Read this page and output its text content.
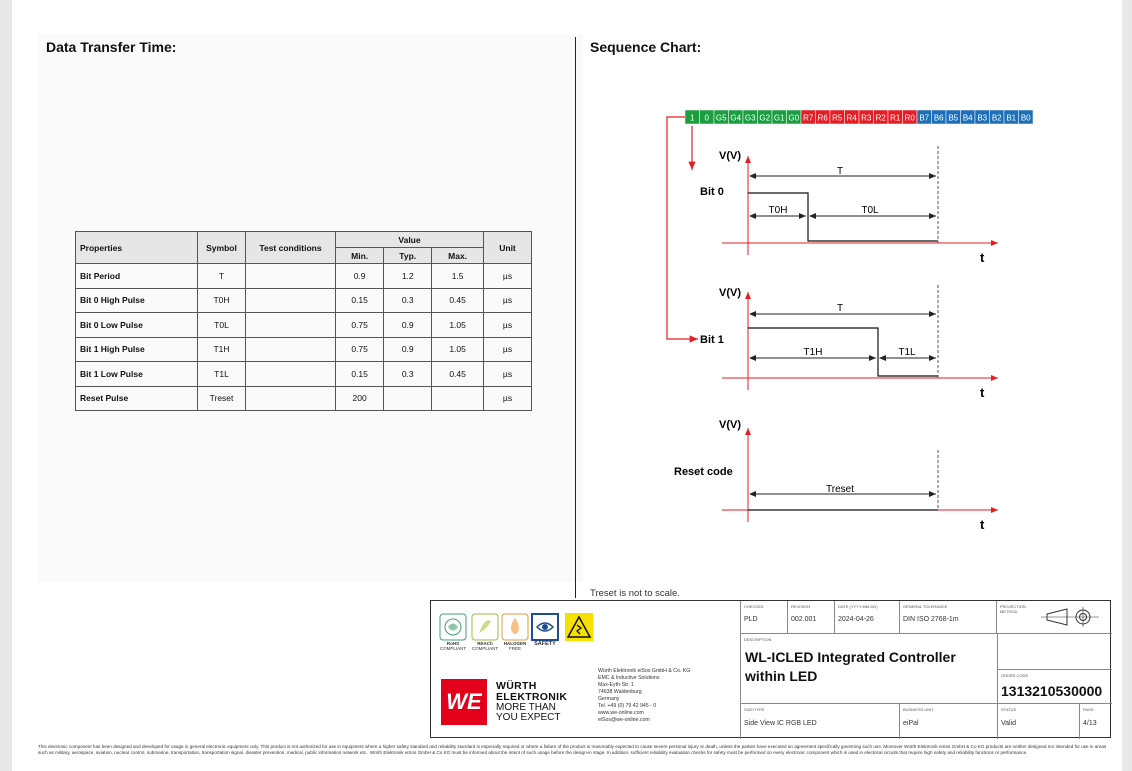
Data Transfer Time:	Sequence Chart:
Properties	Symbol	Test conditions	Value			Unit
			Min.	Typ.	Max.	
Bit Period	T		0.9	1.2	1.5	µs
Bit 0 High Pulse	T0H		0.15	0.3	0.45	µs
Bit 0 Low Pulse	T0L		0.75	0.9	1.05	µs
Bit 1 High Pulse	T1H		0.75	0.9	1.05	µs
Bit 1 Low Pulse	T1L		0.15	0.3	0.45	µs
Reset Pulse	Treset		200			µs
1 0 G5 G4 G3 G2 G1 G0 R7 R6 R5 R4 R3 R2 R1 R0 B7 B6 B5 B4 B3 B2 B1 B0
V(V)
t
Bit 0
T
T0H	T0L
V(V)
t
Bit 1
T
T1H	T1L
V(V)
t
Reset code
Treset
Treset is not to scale.
RoHS
COMPLIANT
REACh
COMPLIANT
HALOGEN
FREE
SAFETY
WE
WÜRTH
ELEKTRONIK
MORE THAN
YOU EXPECT
Würth Elektronik eiSos GmbH & Co. KG
EMC & Inductive Solutions
Max-Eyth-Str. 1
74638 Waldenburg
Germany
Tel. +49 (0) 79 42 945 - 0
www.we-online.com
eiSos@we-online.com
CHECKED
PLD
REVISION
002.001
DATE (YYYY-MM-DD)
2024-04-26
GENERAL TOLERANCE
DIN ISO 2768-1m
PROJECTION METHOD
DESCRIPTION
WL-ICLED Integrated Controller
within LED	ORDER CODE
1313210530000
SIZE/TYPE
Side View IC RGB LED
BUSINESS UNIT
eiPal
STATUS
Valid
PAGE
4/13
This electronic component has been designed and developed for usage in general electronic equipment only. This product is not authorized for use in equipment where a higher safety standard and reliability standard is especially required or where a failure of the product is reasonably expected to cause severe personal injury or death, unless the parties have executed an agreement specifically governing such use. Moreover Würth Elektronik eiSos GmbH & Co KG products are neither designed nor intended for use in areas such as military, aerospace, aviation, nuclear control, submarine, transportation, transportation signal, disaster prevention, medical, public information network etc.. Würth Elektronik eiSos GmbH & Co KG must be informed about the intent of such usage before the design-in stage. In addition, sufficient reliability evaluation checks for safety must be performed on every electronic component which is used in electrical circuits that require high safety and reliability functions or performance.
